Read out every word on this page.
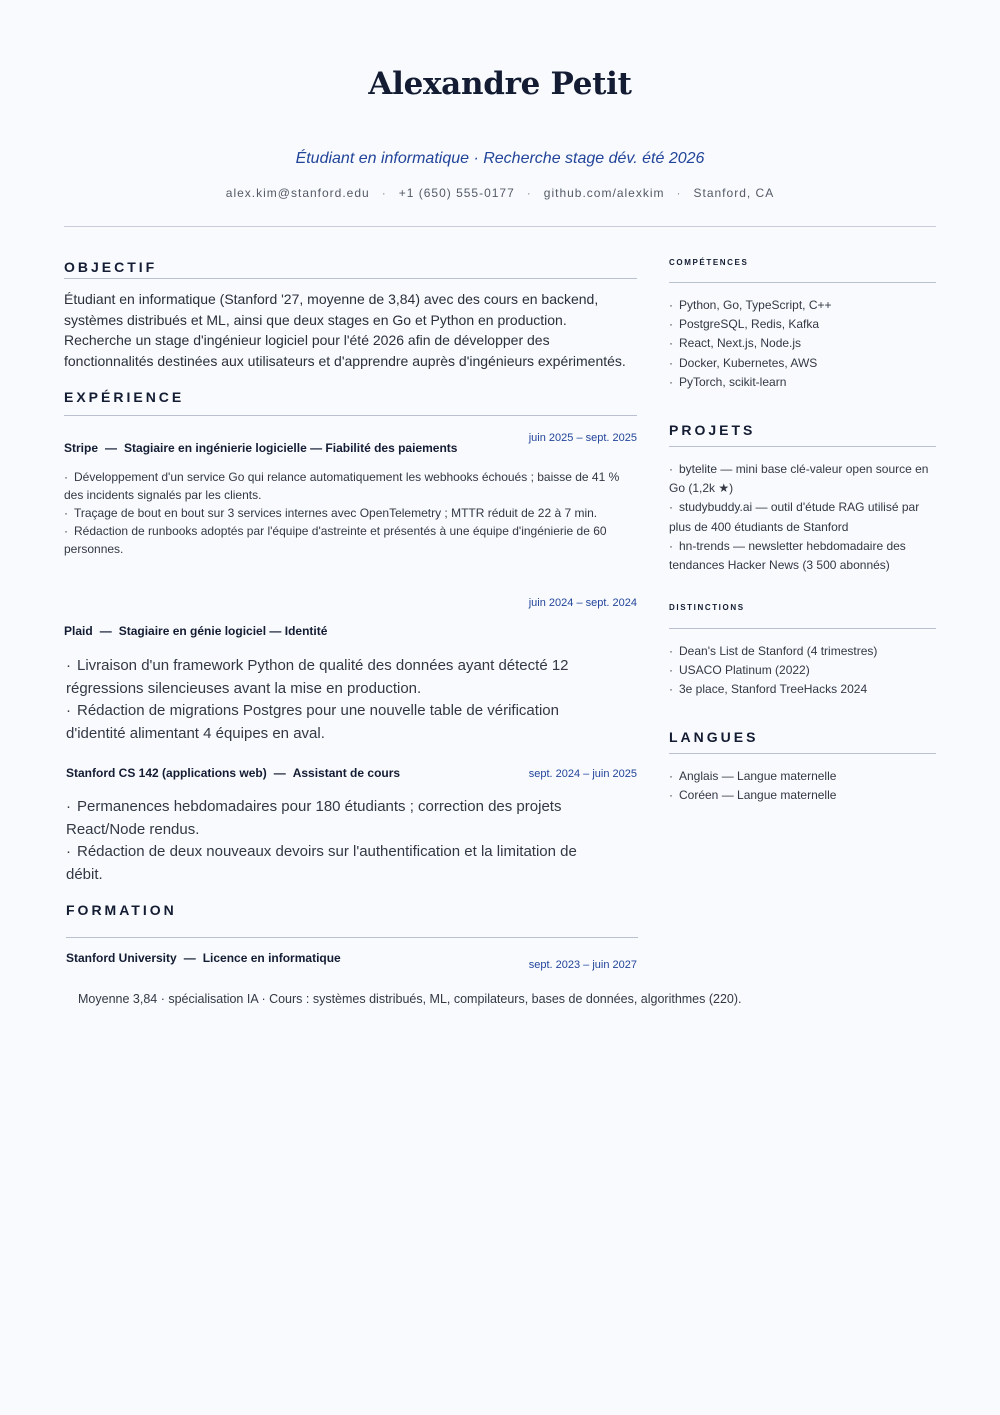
Alexandre Petit
Étudiant en informatique · Recherche stage dév. été 2026
alex.kim@stanford.edu · +1 (650) 555-0177 · github.com/alexkim · Stanford, CA
OBJECTIF
Étudiant en informatique (Stanford '27, moyenne de 3,84) avec des cours en backend, systèmes distribués et ML, ainsi que deux stages en Go et Python en production. Recherche un stage d'ingénieur logiciel pour l'été 2026 afin de développer des fonctionnalités destinées aux utilisateurs et d'apprendre auprès d'ingénieurs expérimentés.
EXPÉRIENCE
juin 2025 – sept. 2025
Stripe — Stagiaire en ingénierie logicielle — Fiabilité des paiements
· Développement d'un service Go qui relance automatiquement les webhooks échoués ; baisse de 41 % des incidents signalés par les clients.
· Traçage de bout en bout sur 3 services internes avec OpenTelemetry ; MTTR réduit de 22 à 7 min.
· Rédaction de runbooks adoptés par l'équipe d'astreinte et présentés à une équipe d'ingénierie de 60 personnes.
juin 2024 – sept. 2024
Plaid — Stagiaire en génie logiciel — Identité
· Livraison d'un framework Python de qualité des données ayant détecté 12 régressions silencieuses avant la mise en production.
· Rédaction de migrations Postgres pour une nouvelle table de vérification d'identité alimentant 4 équipes en aval.
Stanford CS 142 (applications web) — Assistant de cours	sept. 2024 – juin 2025
· Permanences hebdomadaires pour 180 étudiants ; correction des projets React/Node rendus.
· Rédaction de deux nouveaux devoirs sur l'authentification et la limitation de débit.
FORMATION
Stanford University — Licence en informatique	sept. 2023 – juin 2027
Moyenne 3,84 · spécialisation IA · Cours : systèmes distribués, ML, compilateurs, bases de données, algorithmes (220).
COMPÉTENCES
· Python, Go, TypeScript, C++
· PostgreSQL, Redis, Kafka
· React, Next.js, Node.js
· Docker, Kubernetes, AWS
· PyTorch, scikit-learn
PROJETS
· bytelite — mini base clé-valeur open source en Go (1,2k ★)
· studybuddy.ai — outil d'étude RAG utilisé par plus de 400 étudiants de Stanford
· hn-trends — newsletter hebdomadaire des tendances Hacker News (3 500 abonnés)
DISTINCTIONS
· Dean's List de Stanford (4 trimestres)
· USACO Platinum (2022)
· 3e place, Stanford TreeHacks 2024
LANGUES
· Anglais — Langue maternelle
· Coréen — Langue maternelle
